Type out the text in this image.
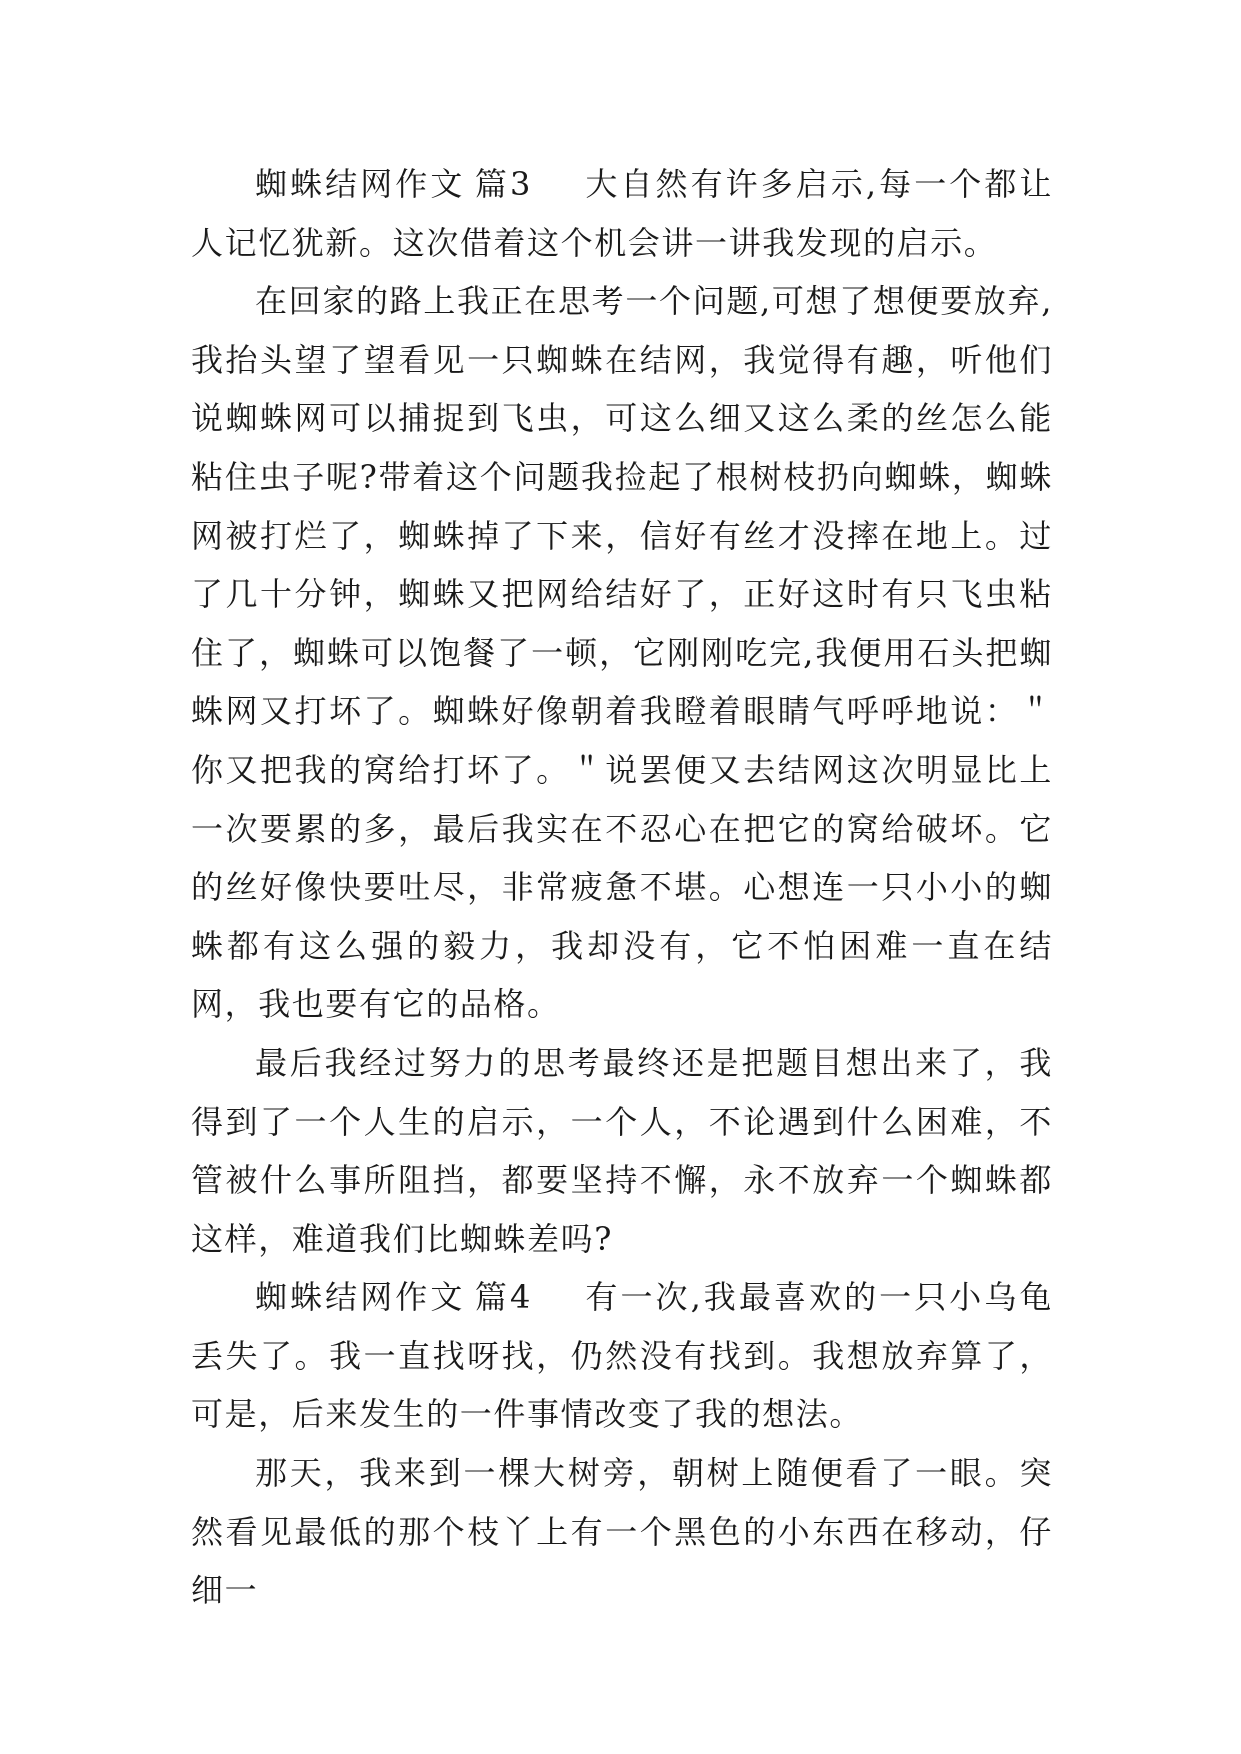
蜘蛛结网作文 篇3 大自然有许多启示,每一个都让人记忆犹新。这次借着这个机会讲一讲我发现的启示。

在回家的路上我正在思考一个问题,可想了想便要放弃,我抬头望了望看见一只蜘蛛在结网，我觉得有趣，听他们说蜘蛛网可以捕捉到飞虫，可这么细又这么柔的丝怎么能粘住虫子呢?带着这个问题我捡起了根树枝扔向蜘蛛，蜘蛛网被打烂了，蜘蛛掉了下来，信好有丝才没摔在地上。过了几十分钟，蜘蛛又把网给结好了，正好这时有只飞虫粘住了，蜘蛛可以饱餐了一顿，它刚刚吃完,我便用石头把蜘蛛网又打坏了。蜘蛛好像朝着我瞪着眼睛气呼呼地说：＂你又把我的窝给打坏了。＂说罢便又去结网这次明显比上一次要累的多，最后我实在不忍心在把它的窝给破坏。它的丝好像快要吐尽，非常疲惫不堪。心想连一只小小的蜘蛛都有这么强的毅力，我却没有，它不怕困难一直在结网，我也要有它的品格。

最后我经过努力的思考最终还是把题目想出来了，我得到了一个人生的启示，一个人，不论遇到什么困难，不管被什么事所阻挡，都要坚持不懈，永不放弃一个蜘蛛都这样，难道我们比蜘蛛差吗?

蜘蛛结网作文 篇4 有一次,我最喜欢的一只小乌龟丢失了。我一直找呀找，仍然没有找到。我想放弃算了，可是，后来发生的一件事情改变了我的想法。

那天，我来到一棵大树旁，朝树上随便看了一眼。突然看见最低的那个枝丫上有一个黑色的小东西在移动，仔细一
